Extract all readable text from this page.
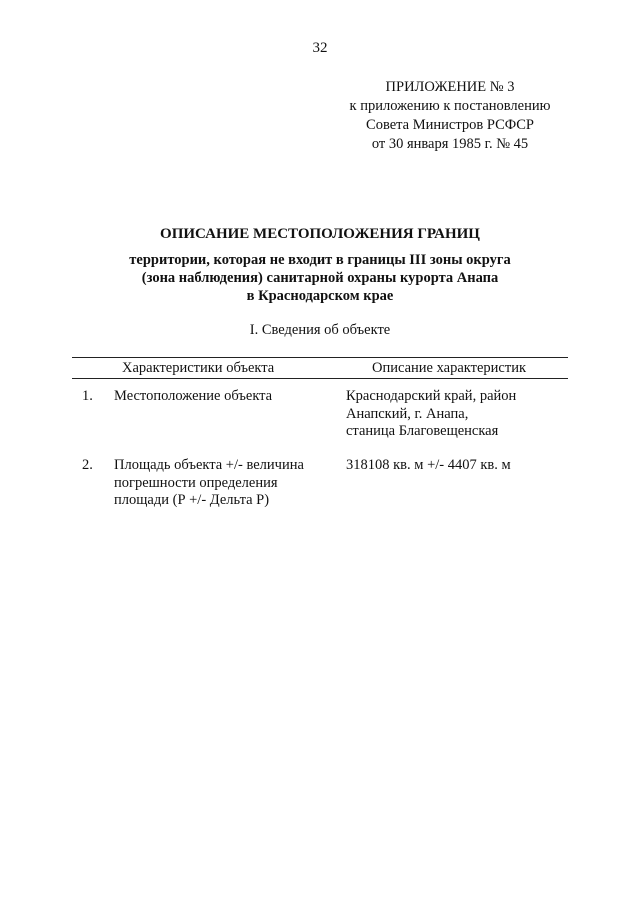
32
ПРИЛОЖЕНИЕ № 3
к приложению к постановлению
Совета Министров РСФСР
от 30 января 1985 г. № 45
ОПИСАНИЕ МЕСТОПОЛОЖЕНИЯ ГРАНИЦ
территории, которая не входит в границы III зоны округа
(зона наблюдения) санитарной охраны курорта Анапа
в Краснодарском крае
I. Сведения об объекте
Характеристики объекта	Описание характеристик
1. Местоположение объекта	Краснодарский край, район
Анапский, г. Анапа,
станица Благовещенская
2. Площадь объекта +/- величина
погрешности определения
площади (Р +/- Дельта Р)
318108 кв. м +/- 4407 кв. м
